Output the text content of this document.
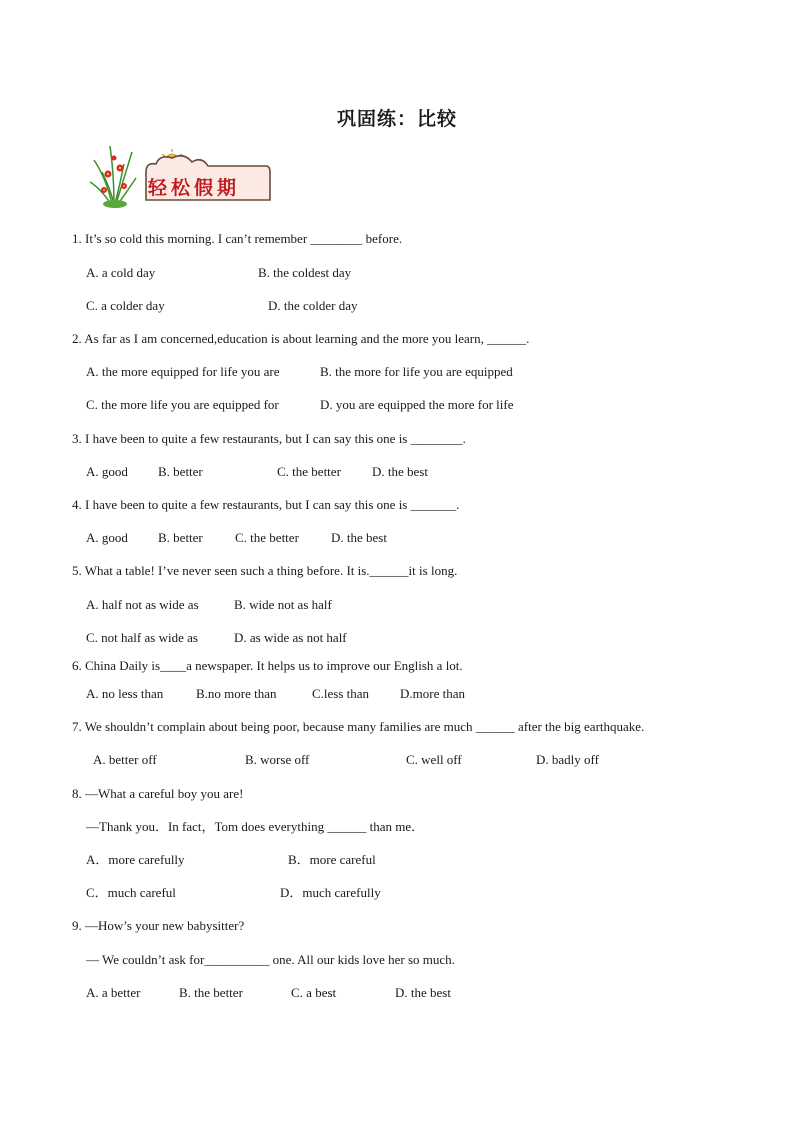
巩固练：比较
轻松假期
1. It’s so cold this morning. I can’t remember ________ before.
A. a cold day	B. the coldest day
C. a colder day	D. the colder day
2. As far as I am concerned,education is about learning and the more you learn, ______.
A. the more equipped for life you are	B. the more for life you are equipped
C. the more life you are equipped for	D. you are equipped the more for life
3. I have been to quite a few restaurants, but I can say this one is ________.
A. good B. better	C. the better D. the best
4. I have been to quite a few restaurants, but I can say this one is _______.
A. good B. better C. the better D. the best
5. What a table! I’ve never seen such a thing before. It is.______it is long.
A. half not as wide as	B. wide not as half
C. not half as wide as	D. as wide as not half
6. China Daily is____a newspaper. It helps us to improve our English a lot.
A. no less than	B.no more than	C.less than D.more than
7. We shouldn’t complain about being poor, because many families are much ______ after the big earthquake.
A. better off	B. worse off	C. well off	D. badly off
8. —What a careful boy you are!
—Thank you．In fact，Tom does everything ______ than me．
A．more carefully	B．more careful
C．much careful	D．much carefully
9. —How’s your new babysitter?
— We couldn’t ask for__________ one. All our kids love her so much.
A. a better	B. the better	C. a best	D. the best
